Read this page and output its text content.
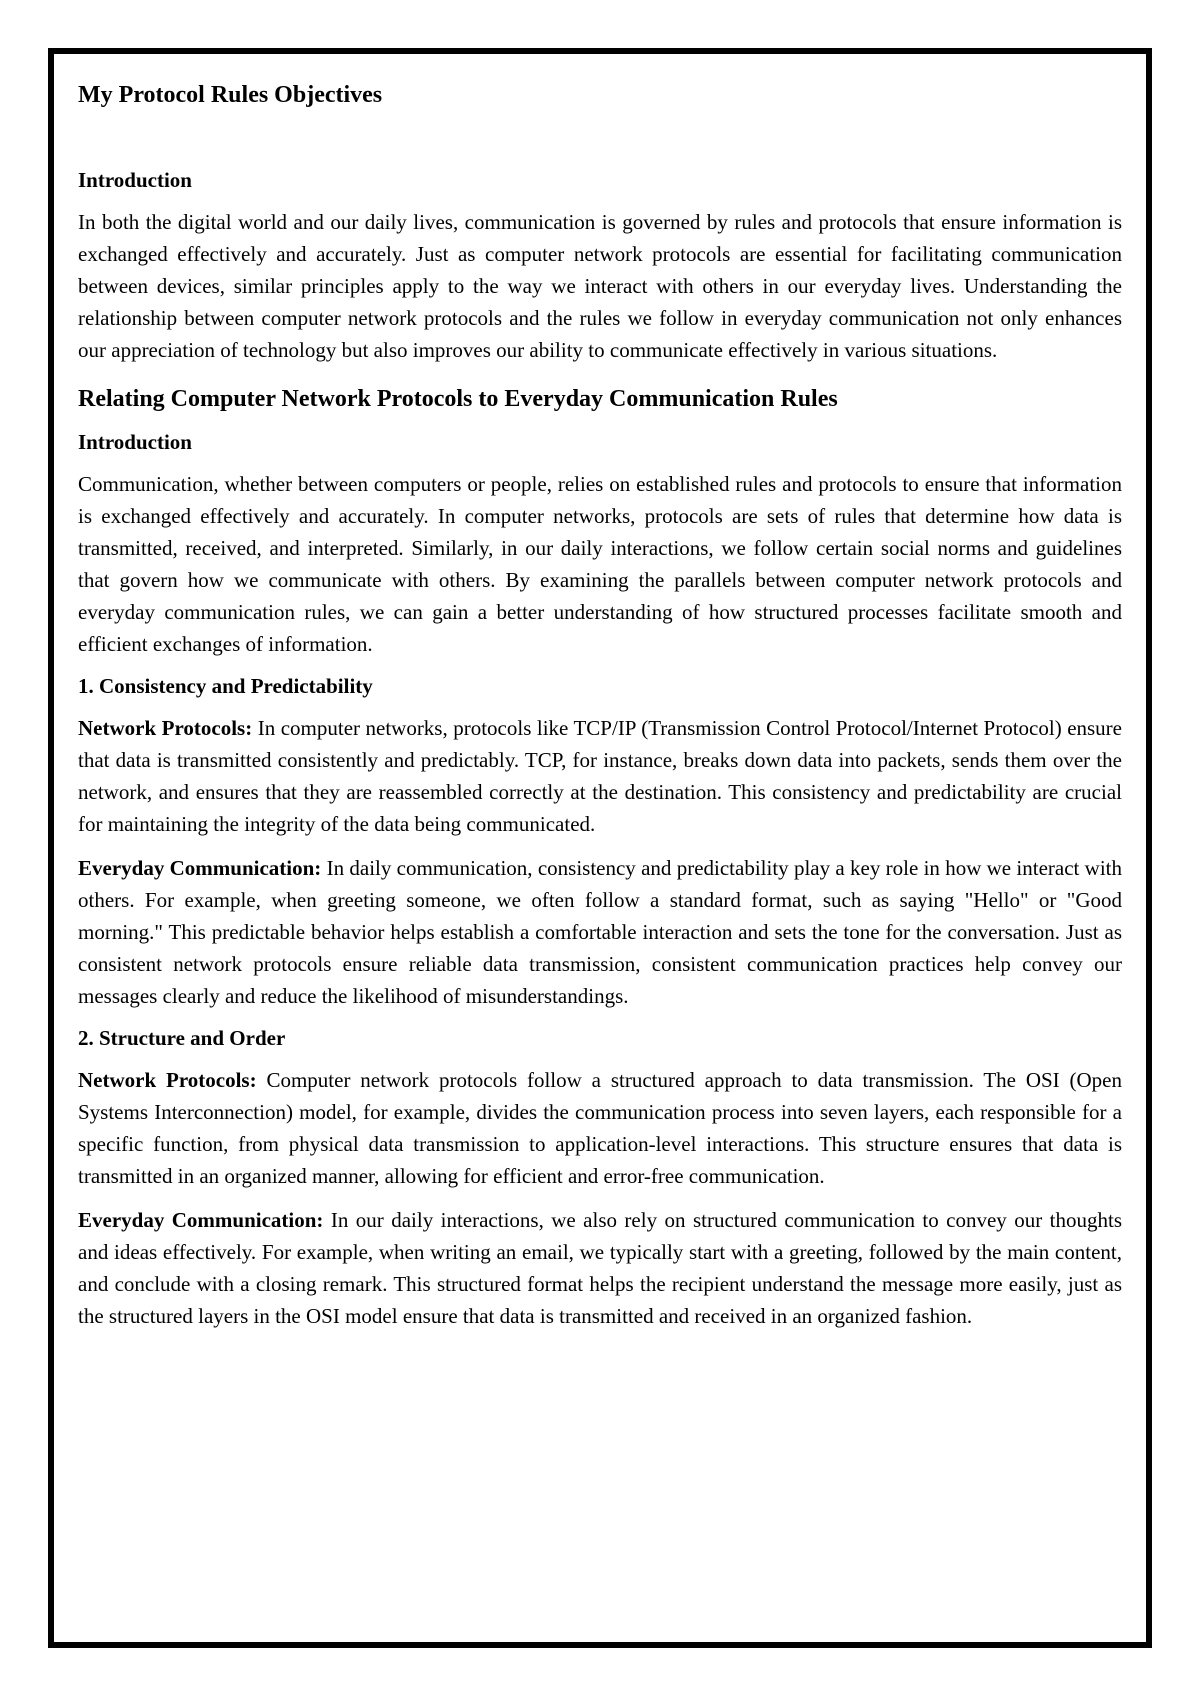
My Protocol Rules Objectives
Introduction

In both the digital world and our daily lives, communication is governed by rules and protocols that ensure information is exchanged effectively and accurately. Just as computer network protocols are essential for facilitating communication between devices, similar principles apply to the way we interact with others in our everyday lives. Understanding the relationship between computer network protocols and the rules we follow in everyday communication not only enhances our appreciation of technology but also improves our ability to communicate effectively in various situations.

Relating Computer Network Protocols to Everyday Communication Rules
Introduction

Communication, whether between computers or people, relies on established rules and protocols to ensure that information is exchanged effectively and accurately. In computer networks, protocols are sets of rules that determine how data is transmitted, received, and interpreted. Similarly, in our daily interactions, we follow certain social norms and guidelines that govern how we communicate with others. By examining the parallels between computer network protocols and everyday communication rules, we can gain a better understanding of how structured processes facilitate smooth and efficient exchanges of information.

1. Consistency and Predictability

Network Protocols: In computer networks, protocols like TCP/IP (Transmission Control Protocol/Internet Protocol) ensure that data is transmitted consistently and predictably. TCP, for instance, breaks down data into packets, sends them over the network, and ensures that they are reassembled correctly at the destination. This consistency and predictability are crucial for maintaining the integrity of the data being communicated.

Everyday Communication: In daily communication, consistency and predictability play a key role in how we interact with others. For example, when greeting someone, we often follow a standard format, such as saying "Hello" or "Good morning." This predictable behavior helps establish a comfortable interaction and sets the tone for the conversation. Just as consistent network protocols ensure reliable data transmission, consistent communication practices help convey our messages clearly and reduce the likelihood of misunderstandings.

2. Structure and Order

Network Protocols: Computer network protocols follow a structured approach to data transmission. The OSI (Open Systems Interconnection) model, for example, divides the communication process into seven layers, each responsible for a specific function, from physical data transmission to application-level interactions. This structure ensures that data is transmitted in an organized manner, allowing for efficient and error-free communication.

Everyday Communication: In our daily interactions, we also rely on structured communication to convey our thoughts and ideas effectively. For example, when writing an email, we typically start with a greeting, followed by the main content, and conclude with a closing remark. This structured format helps the recipient understand the message more easily, just as the structured layers in the OSI model ensure that data is transmitted and received in an organized fashion.
